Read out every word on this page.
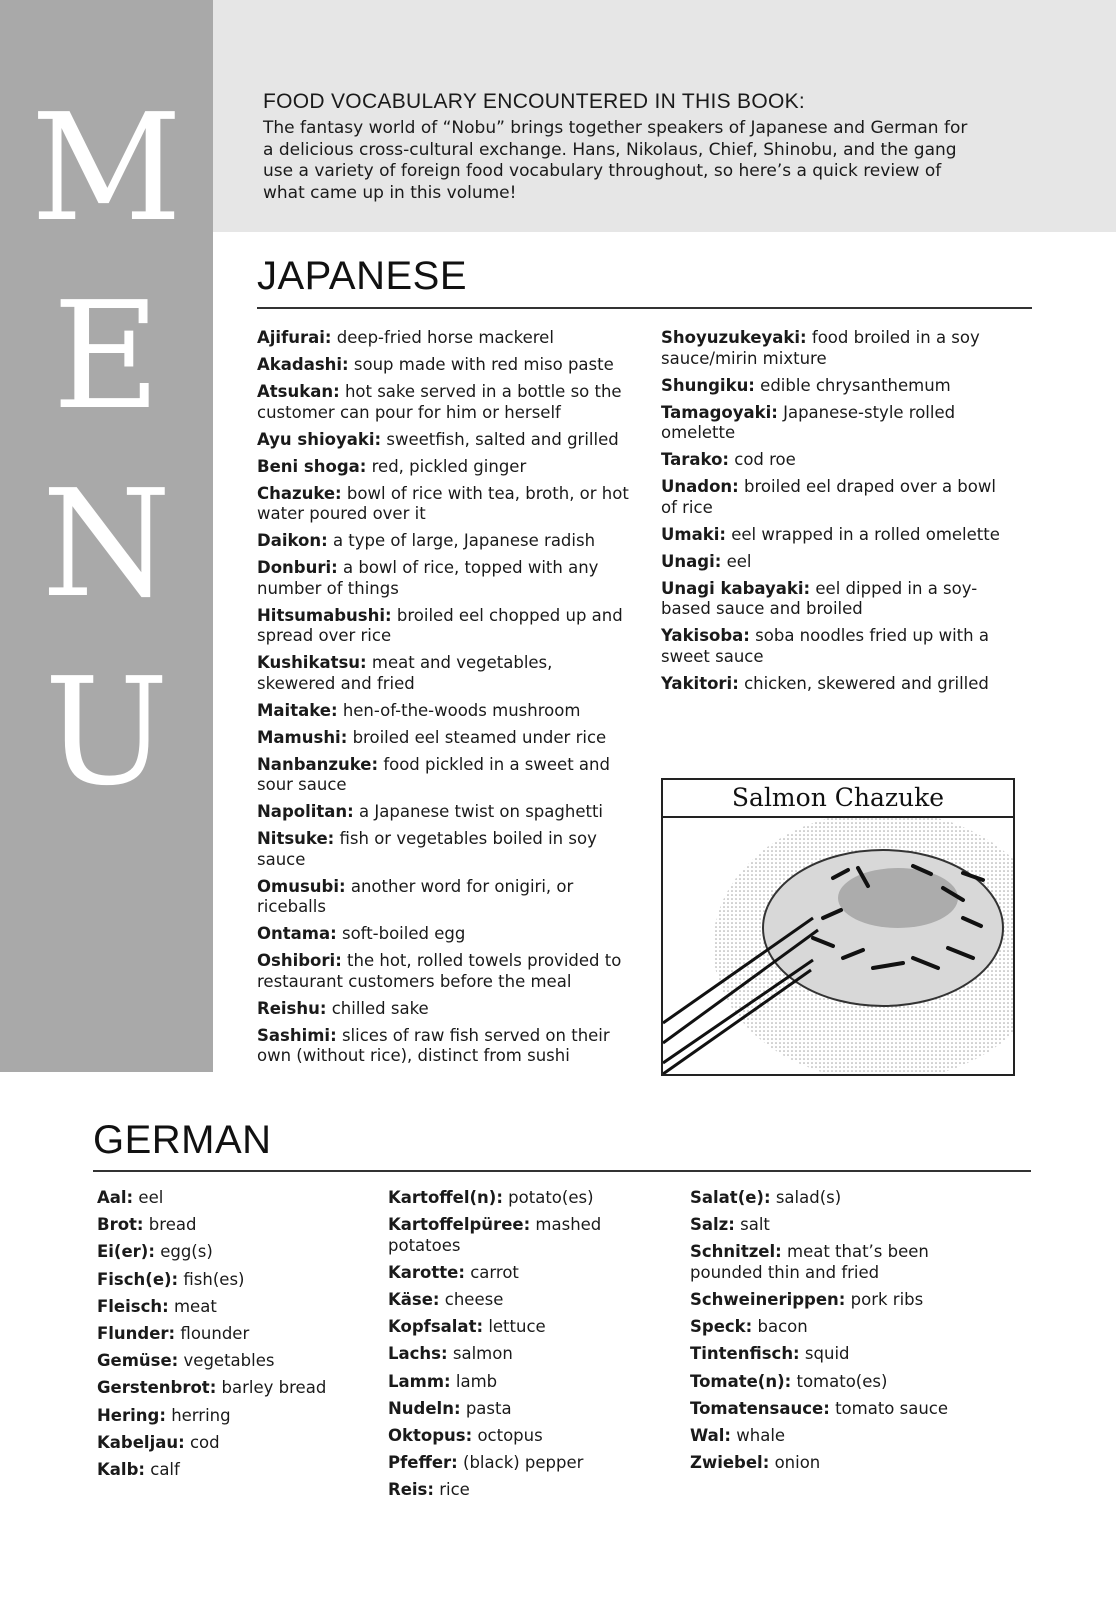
M
E
N
U
FOOD VOCABULARY ENCOUNTERED IN THIS BOOK:
The fantasy world of “Nobu” brings together speakers of Japanese and German for a delicious cross-cultural exchange. Hans, Nikolaus, Chief, Shinobu, and the gang use a variety of foreign food vocabulary throughout, so here’s a quick review of what came up in this volume!
JAPANESE
Ajifurai: deep-fried horse mackerel
Akadashi: soup made with red miso paste
Atsukan: hot sake served in a bottle so the customer can pour for him or herself
Ayu shioyaki: sweetfish, salted and grilled
Beni shoga: red, pickled ginger
Chazuke: bowl of rice with tea, broth, or hot water poured over it
Daikon: a type of large, Japanese radish
Donburi: a bowl of rice, topped with any number of things
Hitsumabushi: broiled eel chopped up and spread over rice
Kushikatsu: meat and vegetables, skewered and fried
Maitake: hen-of-the-woods mushroom
Mamushi: broiled eel steamed under rice
Nanbanzuke: food pickled in a sweet and sour sauce
Napolitan: a Japanese twist on spaghetti
Nitsuke: fish or vegetables boiled in soy sauce
Omusubi: another word for onigiri, or riceballs
Ontama: soft-boiled egg
Oshibori: the hot, rolled towels provided to restaurant customers before the meal
Reishu: chilled sake
Sashimi: slices of raw fish served on their own (without rice), distinct from sushi
Shoyuzukeyaki: food broiled in a soy sauce/mirin mixture
Shungiku: edible chrysanthemum
Tamagoyaki: Japanese-style rolled omelette
Tarako: cod roe
Unadon: broiled eel draped over a bowl of rice
Umaki: eel wrapped in a rolled omelette
Unagi: eel
Unagi kabayaki: eel dipped in a soy-based sauce and broiled
Yakisoba: soba noodles fried up with a sweet sauce
Yakitori: chicken, skewered and grilled
Salmon Chazuke
GERMAN
Aal: eel
Brot: bread
Ei(er): egg(s)
Fisch(e): fish(es)
Fleisch: meat
Flunder: flounder
Gemüse: vegetables
Gerstenbrot: barley bread
Hering: herring
Kabeljau: cod
Kalb: calf
Kartoffel(n): potato(es)
Kartoffelpüree: mashed potatoes
Karotte: carrot
Käse: cheese
Kopfsalat: lettuce
Lachs: salmon
Lamm: lamb
Nudeln: pasta
Oktopus: octopus
Pfeffer: (black) pepper
Reis: rice
Salat(e): salad(s)
Salz: salt
Schnitzel: meat that’s been pounded thin and fried
Schweinerippen: pork ribs
Speck: bacon
Tintenfisch: squid
Tomate(n): tomato(es)
Tomatensauce: tomato sauce
Wal: whale
Zwiebel: onion
